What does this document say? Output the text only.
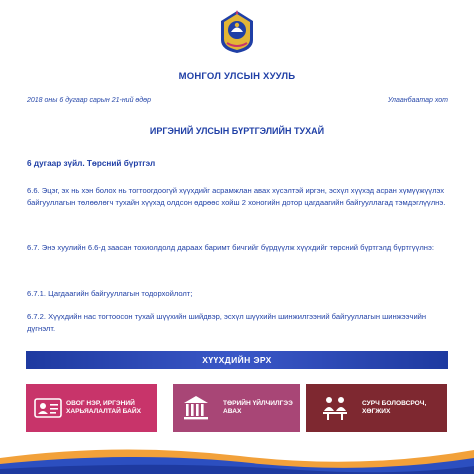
МОНГОЛ УЛСЫН ХУУЛЬ
2018 оны 6 дугаар сарын 21-ний өдөр	Улаанбаатар хот
ИРГЭНИЙ УЛСЫН БҮРТГЭЛИЙН ТУХАЙ
6 дугаар зүйл. Төрсний бүртгэл
6.6. Эцэг, эх нь хэн болох нь тогтоогдоогүй хүүхдийг асрамжлан авах хүсэлтэй иргэн, эсхүл хүүхэд асран хүмүүжүүлэх байгууллагын төлөөлөгч тухайн хүүхэд олдсон өдрөөс хойш 2 хоногийн дотор цагдаагийн байгууллагад тэмдэглүүлнэ.
6.7. Энэ хуулийн 6.6-д заасан тохиолдолд дараах баримт бичгийг бүрдүүлж хүүхдийг төрсний бүртгэлд бүртгүүлнэ:
6.7.1. Цагдаагийн байгууллагын тодорхойлолт;
6.7.2. Хүүхдийн нас тогтоосон тухай шүүхийн шийдвэр, эсхүл шүүхийн шинжилгээний байгууллагын шинжээчийн дүгнэлт.
ХҮҮХДИЙН ЭРХ
ОВОГ НЭР, ИРГЭНИЙ ХАРЬЯАЛАЛТАЙ БАЙХ
ТӨРИЙН ҮЙЛЧИЛГЭЭ АВАХ
СУРЧ БОЛОВСРОЧ, ХӨГЖИХ
